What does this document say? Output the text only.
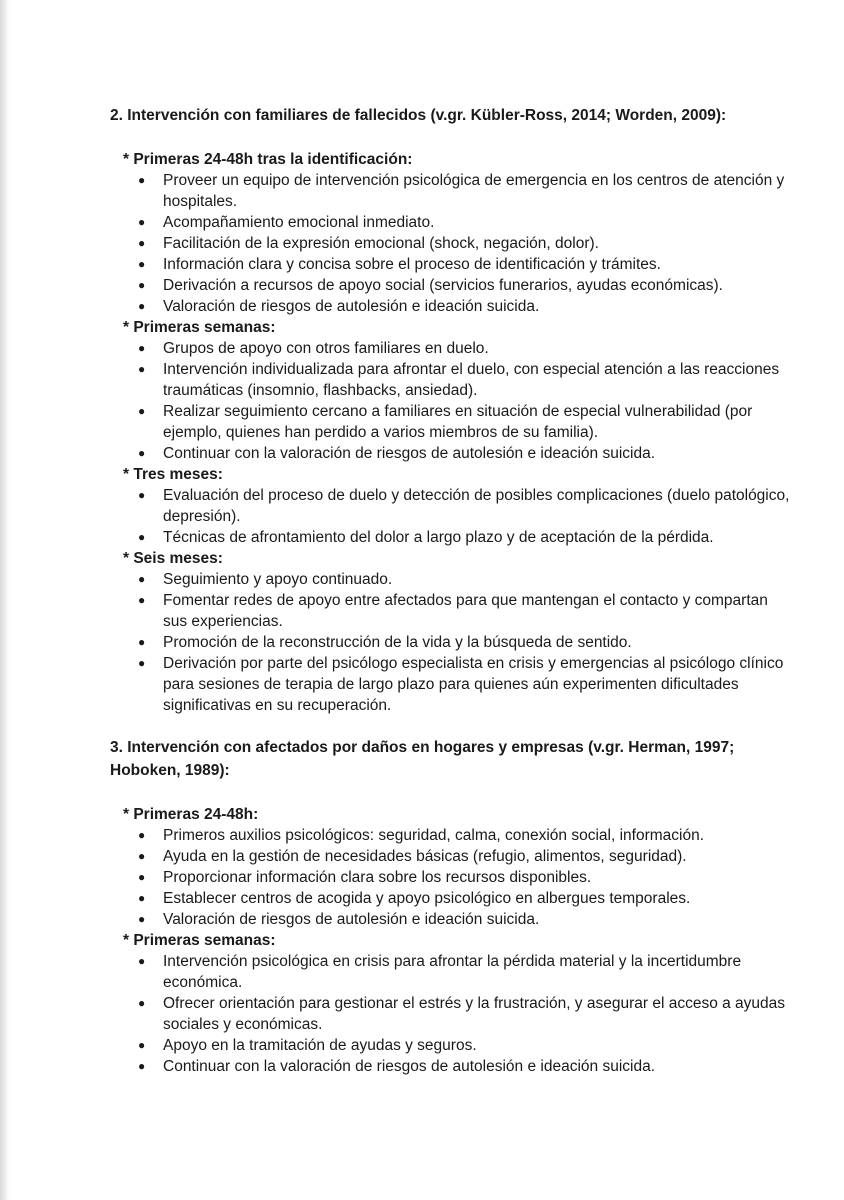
2. Intervención con familiares de fallecidos (v.gr. Kübler-Ross, 2014; Worden, 2009):

* Primeras 24-48h tras la identificación:

● Proveer un equipo de intervención psicológica de emergencia en los centros de atención y hospitales.
● Acompañamiento emocional inmediato.
● Facilitación de la expresión emocional (shock, negación, dolor).
● Información clara y concisa sobre el proceso de identificación y trámites.
● Derivación a recursos de apoyo social (servicios funerarios, ayudas económicas).
● Valoración de riesgos de autolesión e ideación suicida.

* Primeras semanas:

● Grupos de apoyo con otros familiares en duelo.
● Intervención individualizada para afrontar el duelo, con especial atención a las reacciones traumáticas (insomnio, flashbacks, ansiedad).
● Realizar seguimiento cercano a familiares en situación de especial vulnerabilidad (por ejemplo, quienes han perdido a varios miembros de su familia).
● Continuar con la valoración de riesgos de autolesión e ideación suicida.

* Tres meses:

● Evaluación del proceso de duelo y detección de posibles complicaciones (duelo patológico, depresión).
● Técnicas de afrontamiento del dolor a largo plazo y de aceptación de la pérdida.

* Seis meses:

● Seguimiento y apoyo continuado.
● Fomentar redes de apoyo entre afectados para que mantengan el contacto y compartan sus experiencias.
● Promoción de la reconstrucción de la vida y la búsqueda de sentido.
● Derivación por parte del psicólogo especialista en crisis y emergencias al psicólogo clínico para sesiones de terapia de largo plazo para quienes aún experimenten dificultades significativas en su recuperación.

3. Intervención con afectados por daños en hogares y empresas (v.gr. Herman, 1997; Hoboken, 1989):

* Primeras 24-48h:

● Primeros auxilios psicológicos: seguridad, calma, conexión social, información.
● Ayuda en la gestión de necesidades básicas (refugio, alimentos, seguridad).
● Proporcionar información clara sobre los recursos disponibles.
● Establecer centros de acogida y apoyo psicológico en albergues temporales.
● Valoración de riesgos de autolesión e ideación suicida.

* Primeras semanas:

● Intervención psicológica en crisis para afrontar la pérdida material y la incertidumbre económica.
● Ofrecer orientación para gestionar el estrés y la frustración, y asegurar el acceso a ayudas sociales y económicas.
● Apoyo en la tramitación de ayudas y seguros.
● Continuar con la valoración de riesgos de autolesión e ideación suicida.
